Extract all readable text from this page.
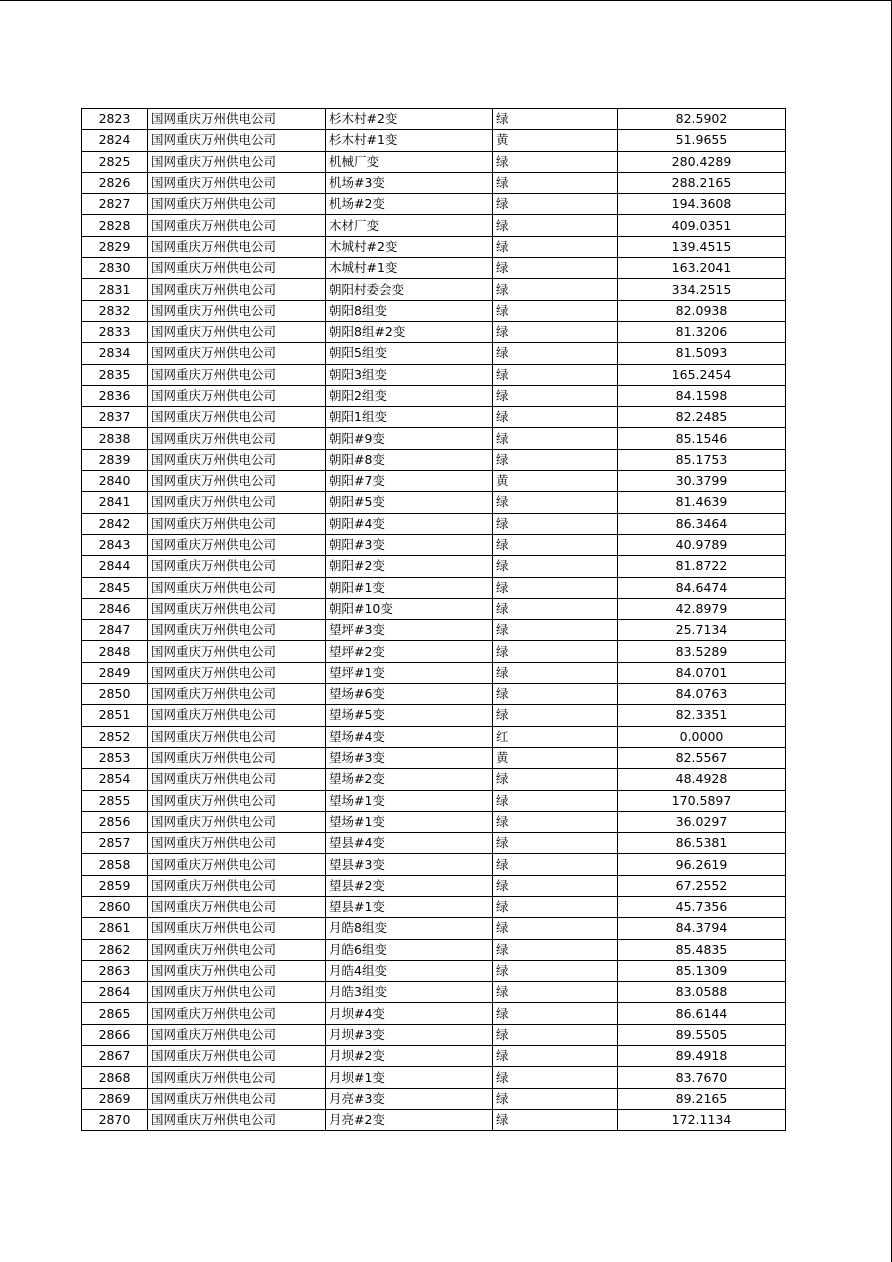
2823	国网重庆万州供电公司	杉木村#2变	绿	82.5902
2824	国网重庆万州供电公司	杉木村#1变	黄	51.9655
2825	国网重庆万州供电公司	机械厂变	绿	280.4289
2826	国网重庆万州供电公司	机场#3变	绿	288.2165
2827	国网重庆万州供电公司	机场#2变	绿	194.3608
2828	国网重庆万州供电公司	木材厂变	绿	409.0351
2829	国网重庆万州供电公司	木城村#2变	绿	139.4515
2830	国网重庆万州供电公司	木城村#1变	绿	163.2041
2831	国网重庆万州供电公司	朝阳村委会变	绿	334.2515
2832	国网重庆万州供电公司	朝阳8组变	绿	82.0938
2833	国网重庆万州供电公司	朝阳8组#2变	绿	81.3206
2834	国网重庆万州供电公司	朝阳5组变	绿	81.5093
2835	国网重庆万州供电公司	朝阳3组变	绿	165.2454
2836	国网重庆万州供电公司	朝阳2组变	绿	84.1598
2837	国网重庆万州供电公司	朝阳1组变	绿	82.2485
2838	国网重庆万州供电公司	朝阳#9变	绿	85.1546
2839	国网重庆万州供电公司	朝阳#8变	绿	85.1753
2840	国网重庆万州供电公司	朝阳#7变	黄	30.3799
2841	国网重庆万州供电公司	朝阳#5变	绿	81.4639
2842	国网重庆万州供电公司	朝阳#4变	绿	86.3464
2843	国网重庆万州供电公司	朝阳#3变	绿	40.9789
2844	国网重庆万州供电公司	朝阳#2变	绿	81.8722
2845	国网重庆万州供电公司	朝阳#1变	绿	84.6474
2846	国网重庆万州供电公司	朝阳#10变	绿	42.8979
2847	国网重庆万州供电公司	望坪#3变	绿	25.7134
2848	国网重庆万州供电公司	望坪#2变	绿	83.5289
2849	国网重庆万州供电公司	望坪#1变	绿	84.0701
2850	国网重庆万州供电公司	望场#6变	绿	84.0763
2851	国网重庆万州供电公司	望场#5变	绿	82.3351
2852	国网重庆万州供电公司	望场#4变	红	0.0000
2853	国网重庆万州供电公司	望场#3变	黄	82.5567
2854	国网重庆万州供电公司	望场#2变	绿	48.4928
2855	国网重庆万州供电公司	望场#1变	绿	170.5897
2856	国网重庆万州供电公司	望场#1变	绿	36.0297
2857	国网重庆万州供电公司	望县#4变	绿	86.5381
2858	国网重庆万州供电公司	望县#3变	绿	96.2619
2859	国网重庆万州供电公司	望县#2变	绿	67.2552
2860	国网重庆万州供电公司	望县#1变	绿	45.7356
2861	国网重庆万州供电公司	月皓8组变	绿	84.3794
2862	国网重庆万州供电公司	月皓6组变	绿	85.4835
2863	国网重庆万州供电公司	月皓4组变	绿	85.1309
2864	国网重庆万州供电公司	月皓3组变	绿	83.0588
2865	国网重庆万州供电公司	月坝#4变	绿	86.6144
2866	国网重庆万州供电公司	月坝#3变	绿	89.5505
2867	国网重庆万州供电公司	月坝#2变	绿	89.4918
2868	国网重庆万州供电公司	月坝#1变	绿	83.7670
2869	国网重庆万州供电公司	月亮#3变	绿	89.2165
2870	国网重庆万州供电公司	月亮#2变	绿	172.1134
